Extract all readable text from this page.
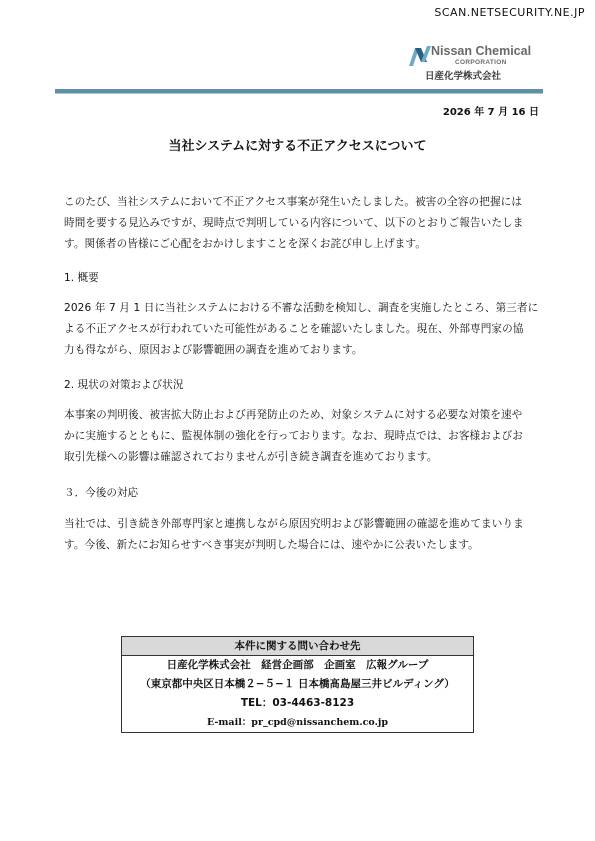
SCAN.NETSECURITY.NE.JP
Nissan Chemical
CORPORATION
日産化学株式会社
2026 年 7 月 16 日
当社システムに対する不正アクセスについて
このたび、当社システムにおいて不正アクセス事案が発生いたしました。被害の全容の把握には
時間を要する見込みですが、現時点で判明している内容について、以下のとおりご報告いたしま
す。関係者の皆様にご心配をおかけしますことを深くお詫び申し上げます。
1. 概要
2026 年 7 月 1 日に当社システムにおける不審な活動を検知し、調査を実施したところ、第三者に
よる不正アクセスが行われていた可能性があることを確認いたしました。現在、外部専門家の協
力も得ながら、原因および影響範囲の調査を進めております。
2. 現状の対策および状況
本事案の判明後、被害拡大防止および再発防止のため、対象システムに対する必要な対策を速や
かに実施するとともに、監視体制の強化を行っております。なお、現時点では、お客様およびお
取引先様への影響は確認されておりませんが引き続き調査を進めております。
３．今後の対応
当社では、引き続き外部専門家と連携しながら原因究明および影響範囲の確認を進めてまいりま
す。今後、新たにお知らせすべき事実が判明した場合には、速やかに公表いたします。
本件に関する問い合わせ先
日産化学株式会社　経営企画部　企画室　広報グループ
（東京都中央区日本橋２−５−１ 日本橋髙島屋三井ビルディング）
TEL：03-4463-8123
E-mail：pr_cpd@nissanchem.co.jp
